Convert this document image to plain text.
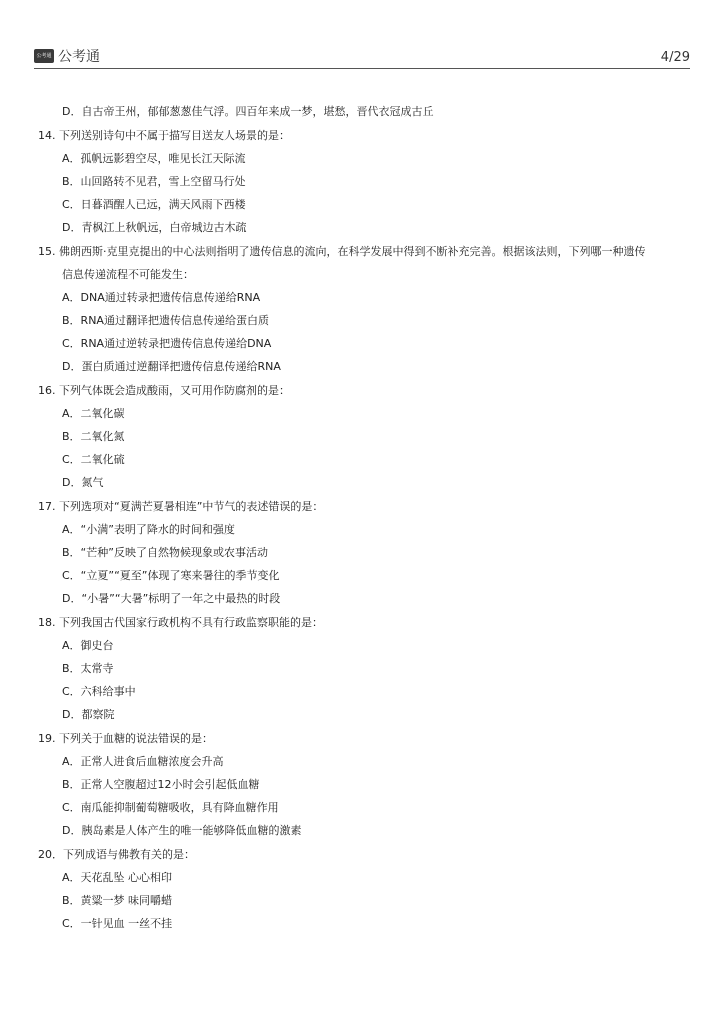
公考通 公考通	4/29

D．自古帝王州，郁郁葱葱佳气浮。四百年来成一梦，堪愁，晋代衣冠成古丘

14. 下列送别诗句中不属于描写目送友人场景的是：

A．孤帆远影碧空尽，唯见长江天际流

B．山回路转不见君，雪上空留马行处

C．日暮酒醒人已远，满天风雨下西楼

D．青枫江上秋帆远，白帝城边古木疏

15. 佛朗西斯·克里克提出的中心法则指明了遗传信息的流向，在科学发展中得到不断补充完善。根据该法则，下列哪一种遗传

信息传递流程不可能发生：

A．DNA通过转录把遗传信息传递给RNA

B．RNA通过翻译把遗传信息传递给蛋白质

C．RNA通过逆转录把遗传信息传递给DNA

D．蛋白质通过逆翻译把遗传信息传递给RNA

16. 下列气体既会造成酸雨，又可用作防腐剂的是：

A．二氧化碳

B．二氧化氮

C．二氧化硫

D．氮气

17. 下列选项对“夏满芒夏暑相连”中节气的表述错误的是：

A．“小满”表明了降水的时间和强度

B．“芒种”反映了自然物候现象或农事活动

C．“立夏”“夏至”体现了寒来暑往的季节变化

D．“小暑”“大暑”标明了一年之中最热的时段

18. 下列我国古代国家行政机构不具有行政监察职能的是：

A．御史台

B．太常寺

C．六科给事中

D．都察院

19. 下列关于血糖的说法错误的是：

A．正常人进食后血糖浓度会升高

B．正常人空腹超过12小时会引起低血糖

C．南瓜能抑制葡萄糖吸收，具有降血糖作用

D．胰岛素是人体产生的唯一能够降低血糖的激素

20．下列成语与佛教有关的是：

A．天花乱坠 心心相印

B．黄粱一梦 味同嚼蜡

C．一针见血 一丝不挂
